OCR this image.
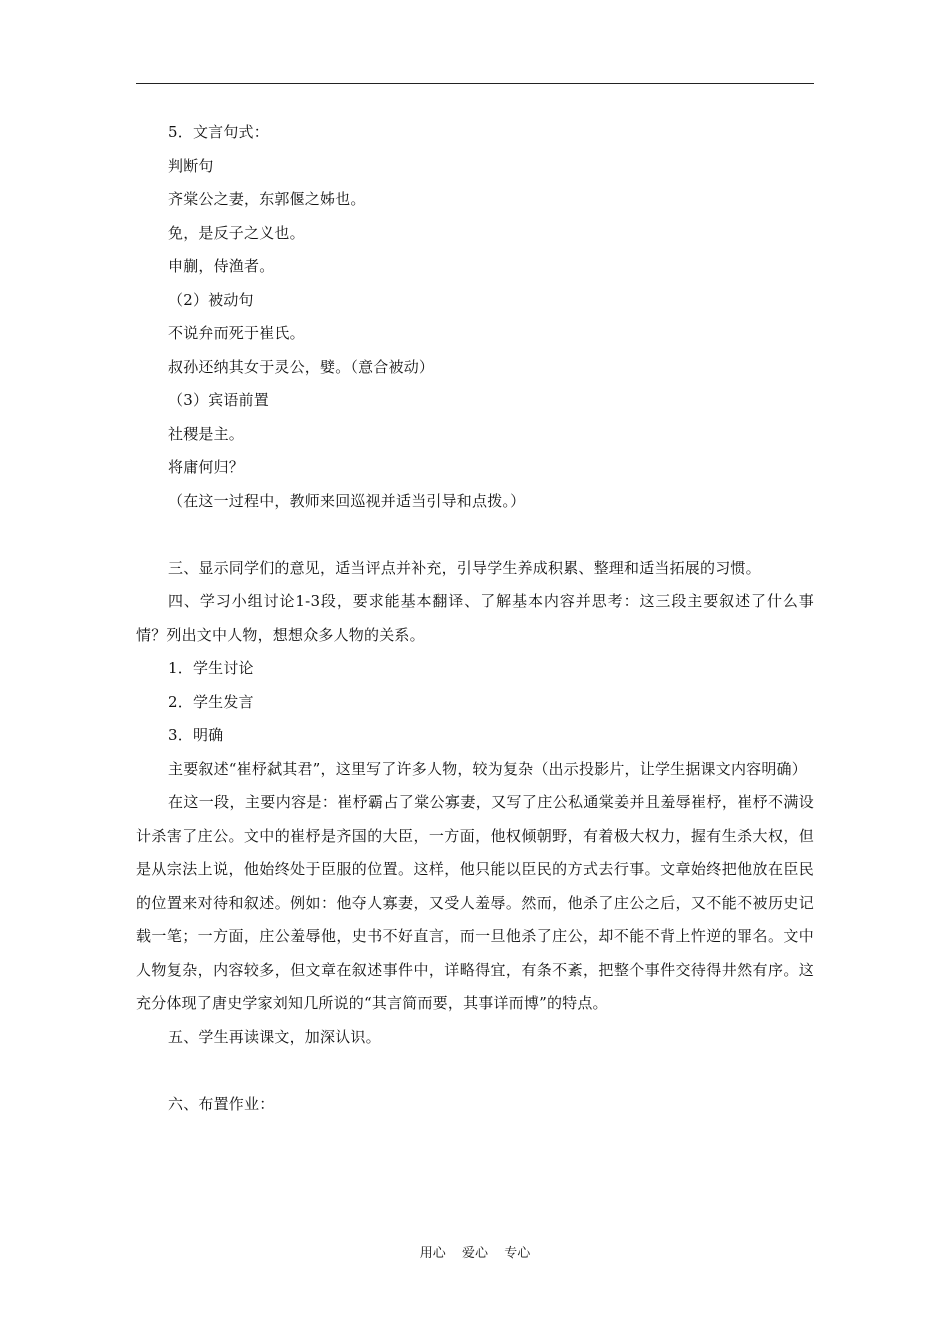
5．文言句式：
判断句
齐棠公之妻，东郭偃之姊也。
免，是反子之义也。
申蒯，侍渔者。
（2）被动句
不说弁而死于崔氏。
叔孙还纳其女于灵公，嬖。（意合被动）
（3）宾语前置
社稷是主。
将庸何归？
（在这一过程中，教师来回巡视并适当引导和点拨。）
三、显示同学们的意见，适当评点并补充，引导学生养成积累、整理和适当拓展的习惯。
四、学习小组讨论1-3段，要求能基本翻译、了解基本内容并思考：这三段主要叙述了什么事情？列出文中人物，想想众多人物的关系。
1．学生讨论
2．学生发言
3．明确
主要叙述“崔杼弑其君”，这里写了许多人物，较为复杂（出示投影片，让学生据课文内容明确）
在这一段，主要内容是：崔杼霸占了棠公寡妻，又写了庄公私通棠姜并且羞辱崔杼，崔杼不满设计杀害了庄公。文中的崔杼是齐国的大臣，一方面，他权倾朝野，有着极大权力，握有生杀大权，但是从宗法上说，他始终处于臣服的位置。这样，他只能以臣民的方式去行事。文章始终把他放在臣民的位置来对待和叙述。例如：他夺人寡妻，又受人羞辱。然而，他杀了庄公之后，又不能不被历史记载一笔；一方面，庄公羞辱他，史书不好直言，而一旦他杀了庄公，却不能不背上忤逆的罪名。文中人物复杂，内容较多，但文章在叙述事件中，详略得宜，有条不紊，把整个事件交待得井然有序。这充分体现了唐史学家刘知几所说的“其言简而要，其事详而博”的特点。
五、学生再读课文，加深认识。
六、布置作业：
用心  爱心  专心
